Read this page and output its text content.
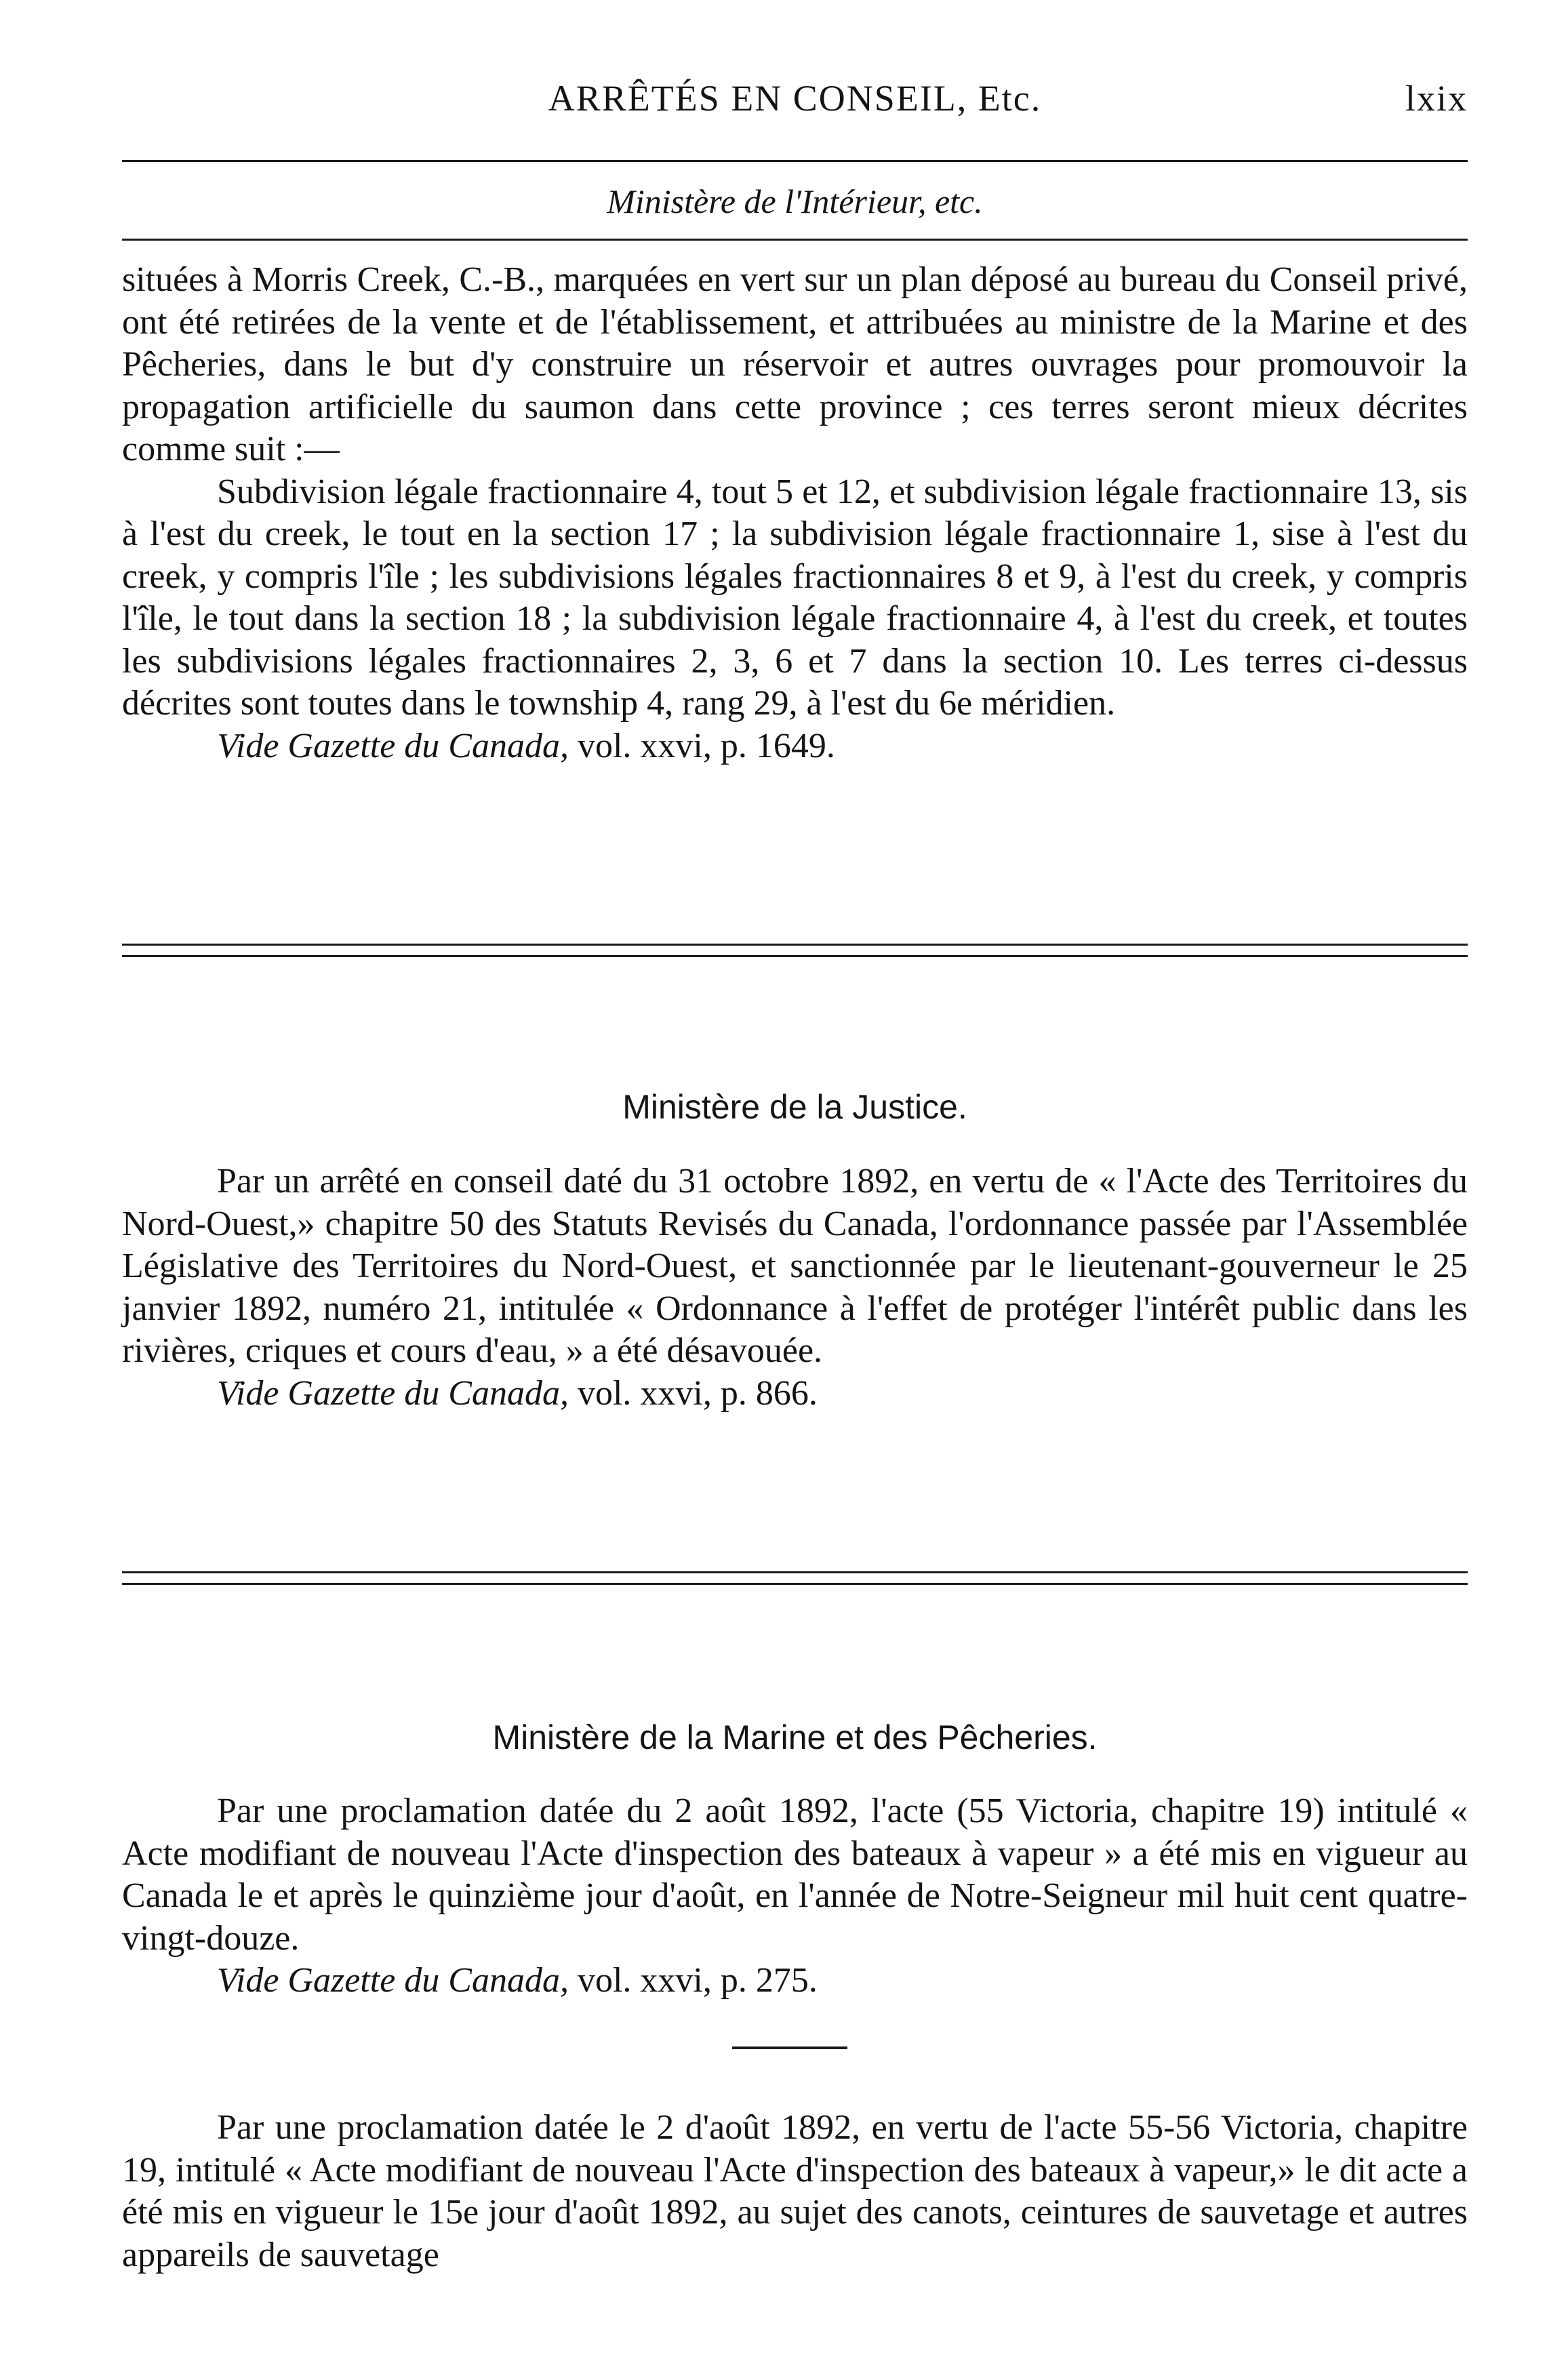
ARRÊTÉS EN CONSEIL, Etc.	lxix
Ministère de l'Intérieur, etc.

situées à Morris Creek, C.-B., marquées en vert sur un plan déposé au bureau du Conseil privé, ont été retirées de la vente et de l'établissement, et attribuées au ministre de la Marine et des Pêcheries, dans le but d'y construire un réservoir et autres ouvrages pour promouvoir la propagation artificielle du saumon dans cette province ; ces terres seront mieux décrites comme suit :—

Subdivision légale fractionnaire 4, tout 5 et 12, et subdivision légale fractionnaire 13, sis à l'est du creek, le tout en la section 17 ; la subdivision légale fractionnaire 1, sise à l'est du creek, y compris l'île ; les subdivisions légales fractionnaires 8 et 9, à l'est du creek, y compris l'île, le tout dans la section 18 ; la subdivision légale fractionnaire 4, à l'est du creek, et toutes les subdivisions légales fractionnaires 2, 3, 6 et 7 dans la section 10. Les terres ci-dessus décrites sont toutes dans le township 4, rang 29, à l'est du 6e méridien.

Vide Gazette du Canada, vol. xxvi, p. 1649.

Ministère de la Justice.

Par un arrêté en conseil daté du 31 octobre 1892, en vertu de « l'Acte des Territoires du Nord-Ouest,» chapitre 50 des Statuts Revisés du Canada, l'ordonnance passée par l'Assemblée Législative des Territoires du Nord-Ouest, et sanctionnée par le lieutenant-gouverneur le 25 janvier 1892, numéro 21, intitulée « Ordonnance à l'effet de protéger l'intérêt public dans les rivières, criques et cours d'eau, » a été désavouée.

Vide Gazette du Canada, vol. xxvi, p. 866.

Ministère de la Marine et des Pêcheries.

Par une proclamation datée du 2 août 1892, l'acte (55 Victoria, chapitre 19) intitulé « Acte modifiant de nouveau l'Acte d'inspection des bateaux à vapeur » a été mis en vigueur au Canada le et après le quinzième jour d'août, en l'année de Notre-Seigneur mil huit cent quatre-vingt-douze.

Vide Gazette du Canada, vol. xxvi, p. 275.

Par une proclamation datée le 2 d'août 1892, en vertu de l'acte 55-56 Victoria, chapitre 19, intitulé « Acte modifiant de nouveau l'Acte d'inspection des bateaux à vapeur,» le dit acte a été mis en vigueur le 15e jour d'août 1892, au sujet des canots, ceintures de sauvetage et autres appareils de sauvetage
